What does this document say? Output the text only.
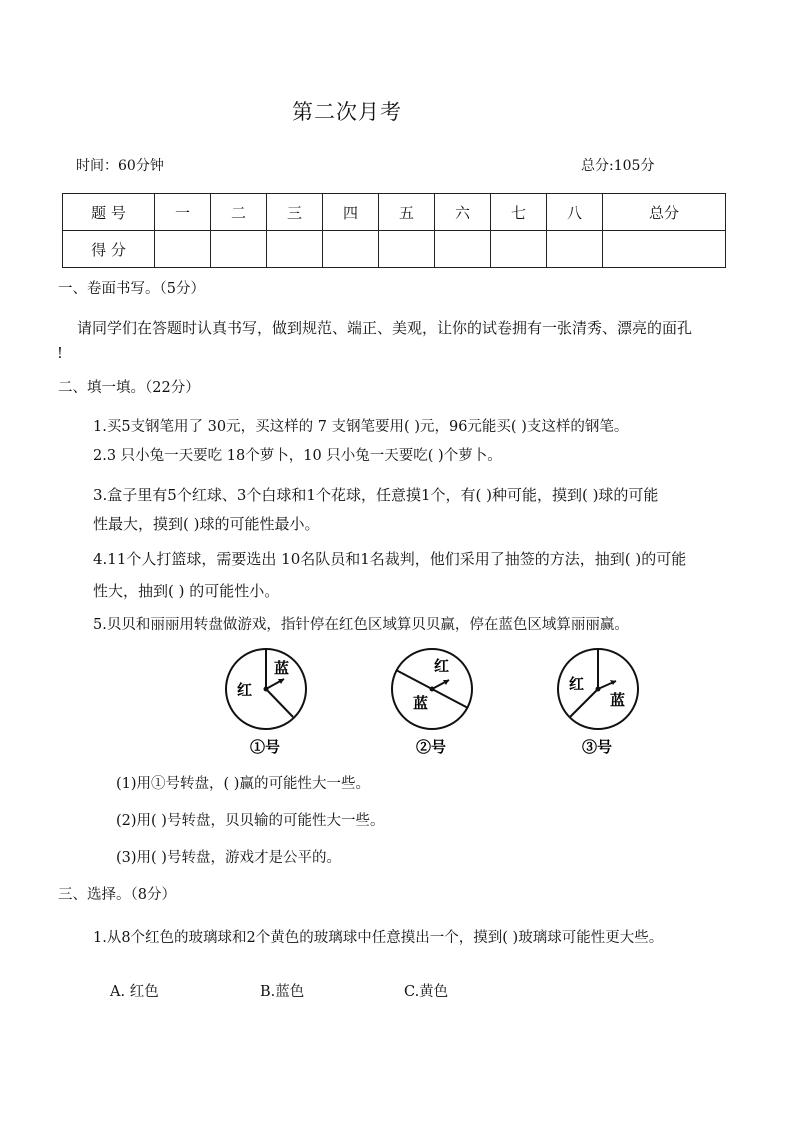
第二次月考
时间：60分钟	总分:105分
题 号	一	二	三	四	五	六	七	八	总分
得 分									
一、卷面书写。（5分）
请同学们在答题时认真书写，做到规范、端正、美观，让你的试卷拥有一张清秀、漂亮的面孔
!
二、填一填。（22分）
1.买5支钢笔用了 30元，买这样的 7 支钢笔要用( )元，96元能买( )支这样的钢笔。
2.3 只小兔一天要吃 18个萝卜，10 只小兔一天要吃( )个萝卜。
3.盒子里有5个红球、3个白球和1个花球，任意摸1个，有( )种可能，摸到( )球的可能
性最大，摸到( )球的可能性最小。
4.11个人打篮球，需要选出 10名队员和1名裁判，他们采用了抽签的方法，抽到( )的可能
性大，抽到( ) 的可能性小。
5.贝贝和丽丽用转盘做游戏，指针停在红色区域算贝贝赢，停在蓝色区域算丽丽赢。
蓝
红
①号
红
蓝
②号
红
蓝
③号
(1)用①号转盘，( )赢的可能性大一些。
(2)用( )号转盘，贝贝输的可能性大一些。
(3)用( )号转盘，游戏才是公平的。
三、选择。（8分）
1.从8个红色的玻璃球和2个黄色的玻璃球中任意摸出一个，摸到( )玻璃球可能性更大些。
A. 红色	B.蓝色	C.黄色
